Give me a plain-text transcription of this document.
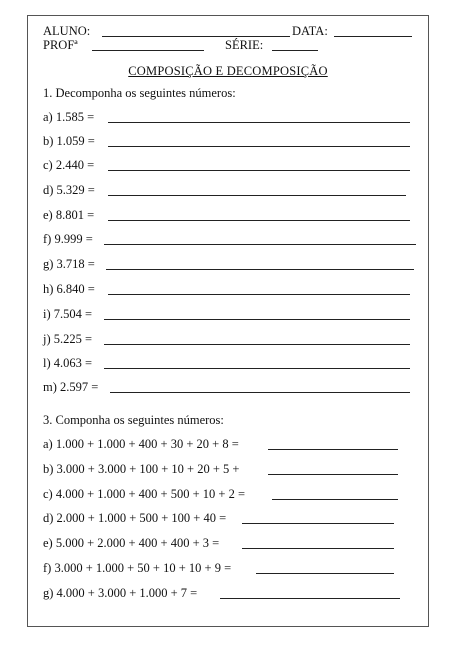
ALUNO:	DATA:
PROFª	SÉRIE:
COMPOSIÇÃO E DECOMPOSIÇÃO
1. Decomponha os seguintes números:
a) 1.585 =
b) 1.059 =
c) 2.440 =
d) 5.329 =
e) 8.801 =
f) 9.999 =
g) 3.718 =
h) 6.840 =
i) 7.504 =
j) 5.225 =
l) 4.063 =
m) 2.597 =
3. Componha os seguintes números:
a) 1.000 + 1.000 + 400 + 30 + 20 + 8 =
b) 3.000 + 3.000 + 100 + 10 + 20 + 5 +
c) 4.000 + 1.000 + 400 + 500 + 10 + 2 =
d) 2.000 + 1.000 + 500 + 100 + 40 =
e) 5.000 + 2.000 + 400 + 400 + 3 =
f) 3.000 + 1.000 + 50 + 10 + 10 + 9 =
g) 4.000 + 3.000 + 1.000 + 7 =
